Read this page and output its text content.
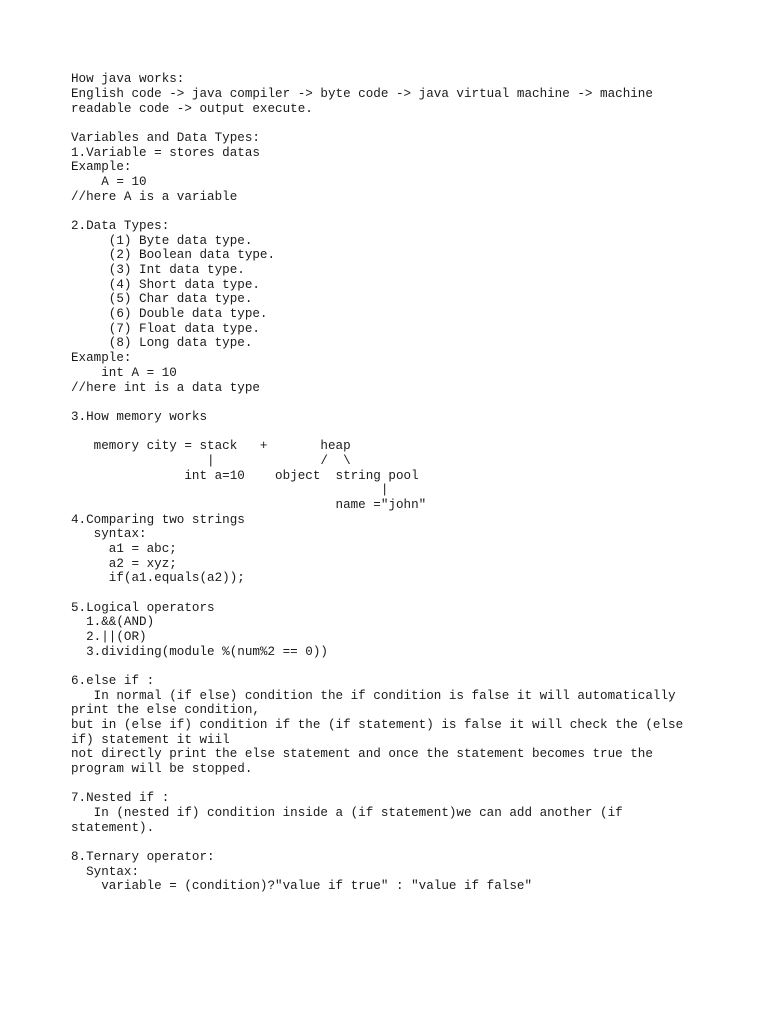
How java works:
English code -> java compiler -> byte code -> java virtual machine -> machine
readable code -> output execute.
Variables and Data Types:
1.Variable = stores datas
Example:
A = 10
//here A is a variable
2.Data Types:
(1) Byte data type.
(2) Boolean data type.
(3) Int data type.
(4) Short data type.
(5) Char data type.
(6) Double data type.
(7) Float data type.
(8) Long data type.
Example:
int A = 10
//here int is a data type
3.How memory works
memory city = stack   +       heap
|              /  \
int a=10    object  string pool
|
name ="john"
4.Comparing two strings
syntax:
a1 = abc;
a2 = xyz;
if(a1.equals(a2));
5.Logical operators
1.&&(AND)
2.||(OR)
3.dividing(module %(num%2 == 0))
6.else if :
In normal (if else) condition the if condition is false it will automatically
print the else condition,
but in (else if) condition if the (if statement) is false it will check the (else
if) statement it wiil
not directly print the else statement and once the statement becomes true the
program will be stopped.
7.Nested if :
In (nested if) condition inside a (if statement)we can add another (if
statement).
8.Ternary operator:
Syntax:
variable = (condition)?"value if true" : "value if false"
